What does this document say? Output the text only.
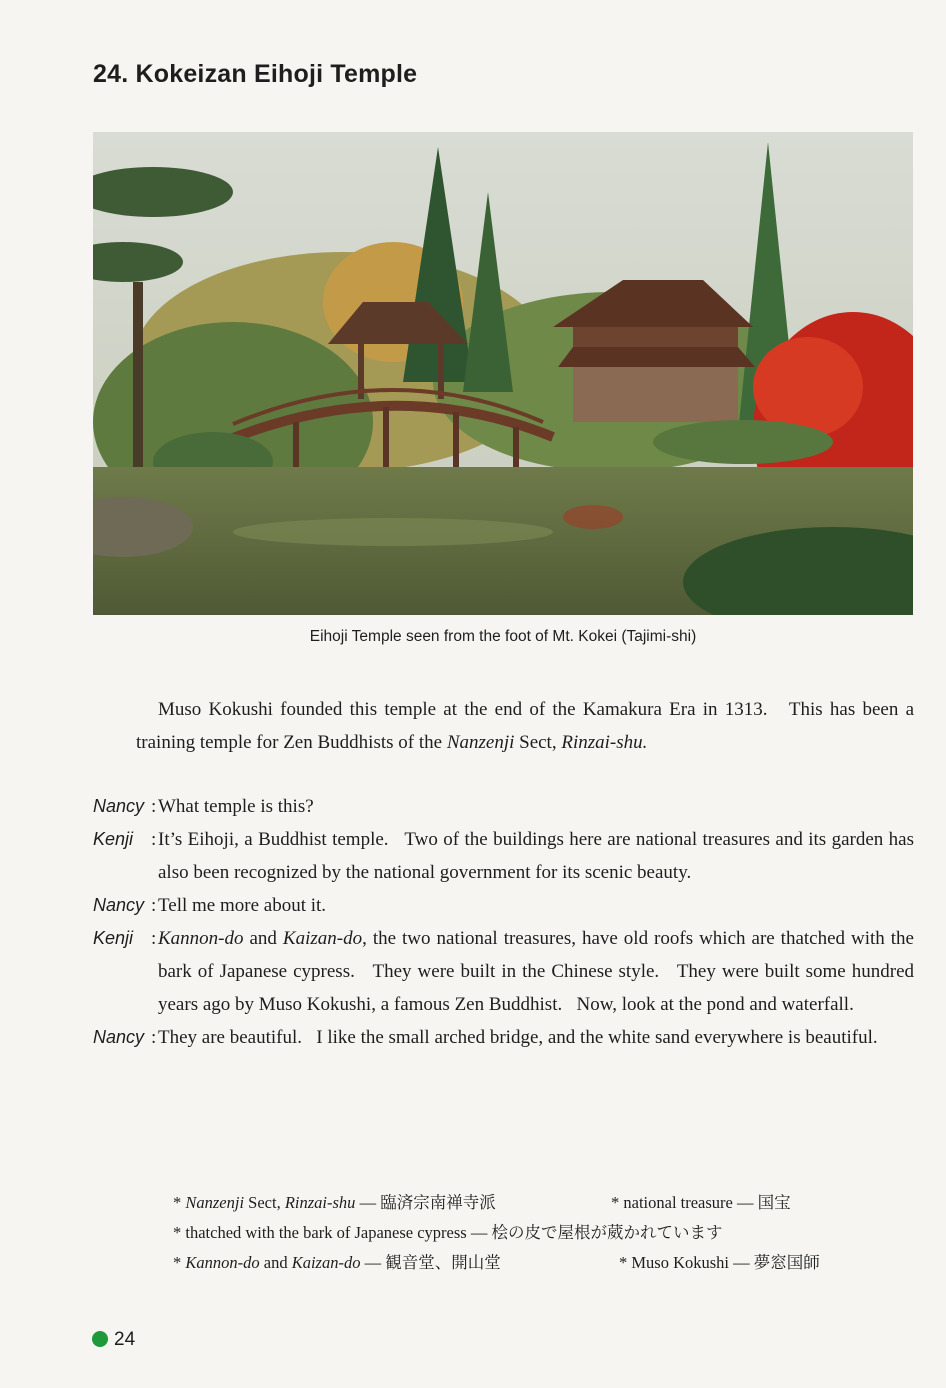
24. Kokeizan Eihoji Temple
Eihoji Temple seen from the foot of Mt. Kokei (Tajimi-shi)

Muso Kokushi founded this temple at the end of the Kamakura Era in 1313.   This has been a training temple for Zen Buddhists of the Nanzenji Sect, Rinzai-shu.

Nancy : What temple is this?
Kenji : It’s Eihoji, a Buddhist temple.   Two of the buildings here are national treasures and its garden has also been recognized by the national government for its scenic beauty.
Nancy : Tell me more about it.
Kenji : Kannon-do and Kaizan-do, the two national treasures, have old roofs which are thatched with the bark of Japanese cypress.   They were built in the Chinese style.   They were built some hundred years ago by Muso Kokushi, a famous Zen Buddhist.   Now, look at the pond and waterfall.
Nancy : They are beautiful.   I like the small arched bridge, and the white sand everywhere is beautiful.
* Nanzenji Sect, Rinzai-shu — 臨済宗南禅寺派	* national treasure — 国宝
* thatched with the bark of Japanese cypress — 桧の皮で屋根が葳かれています
* Kannon-do and Kaizan-do — 観音堂、開山堂	* Muso Kokushi — 夢窓国師
24
